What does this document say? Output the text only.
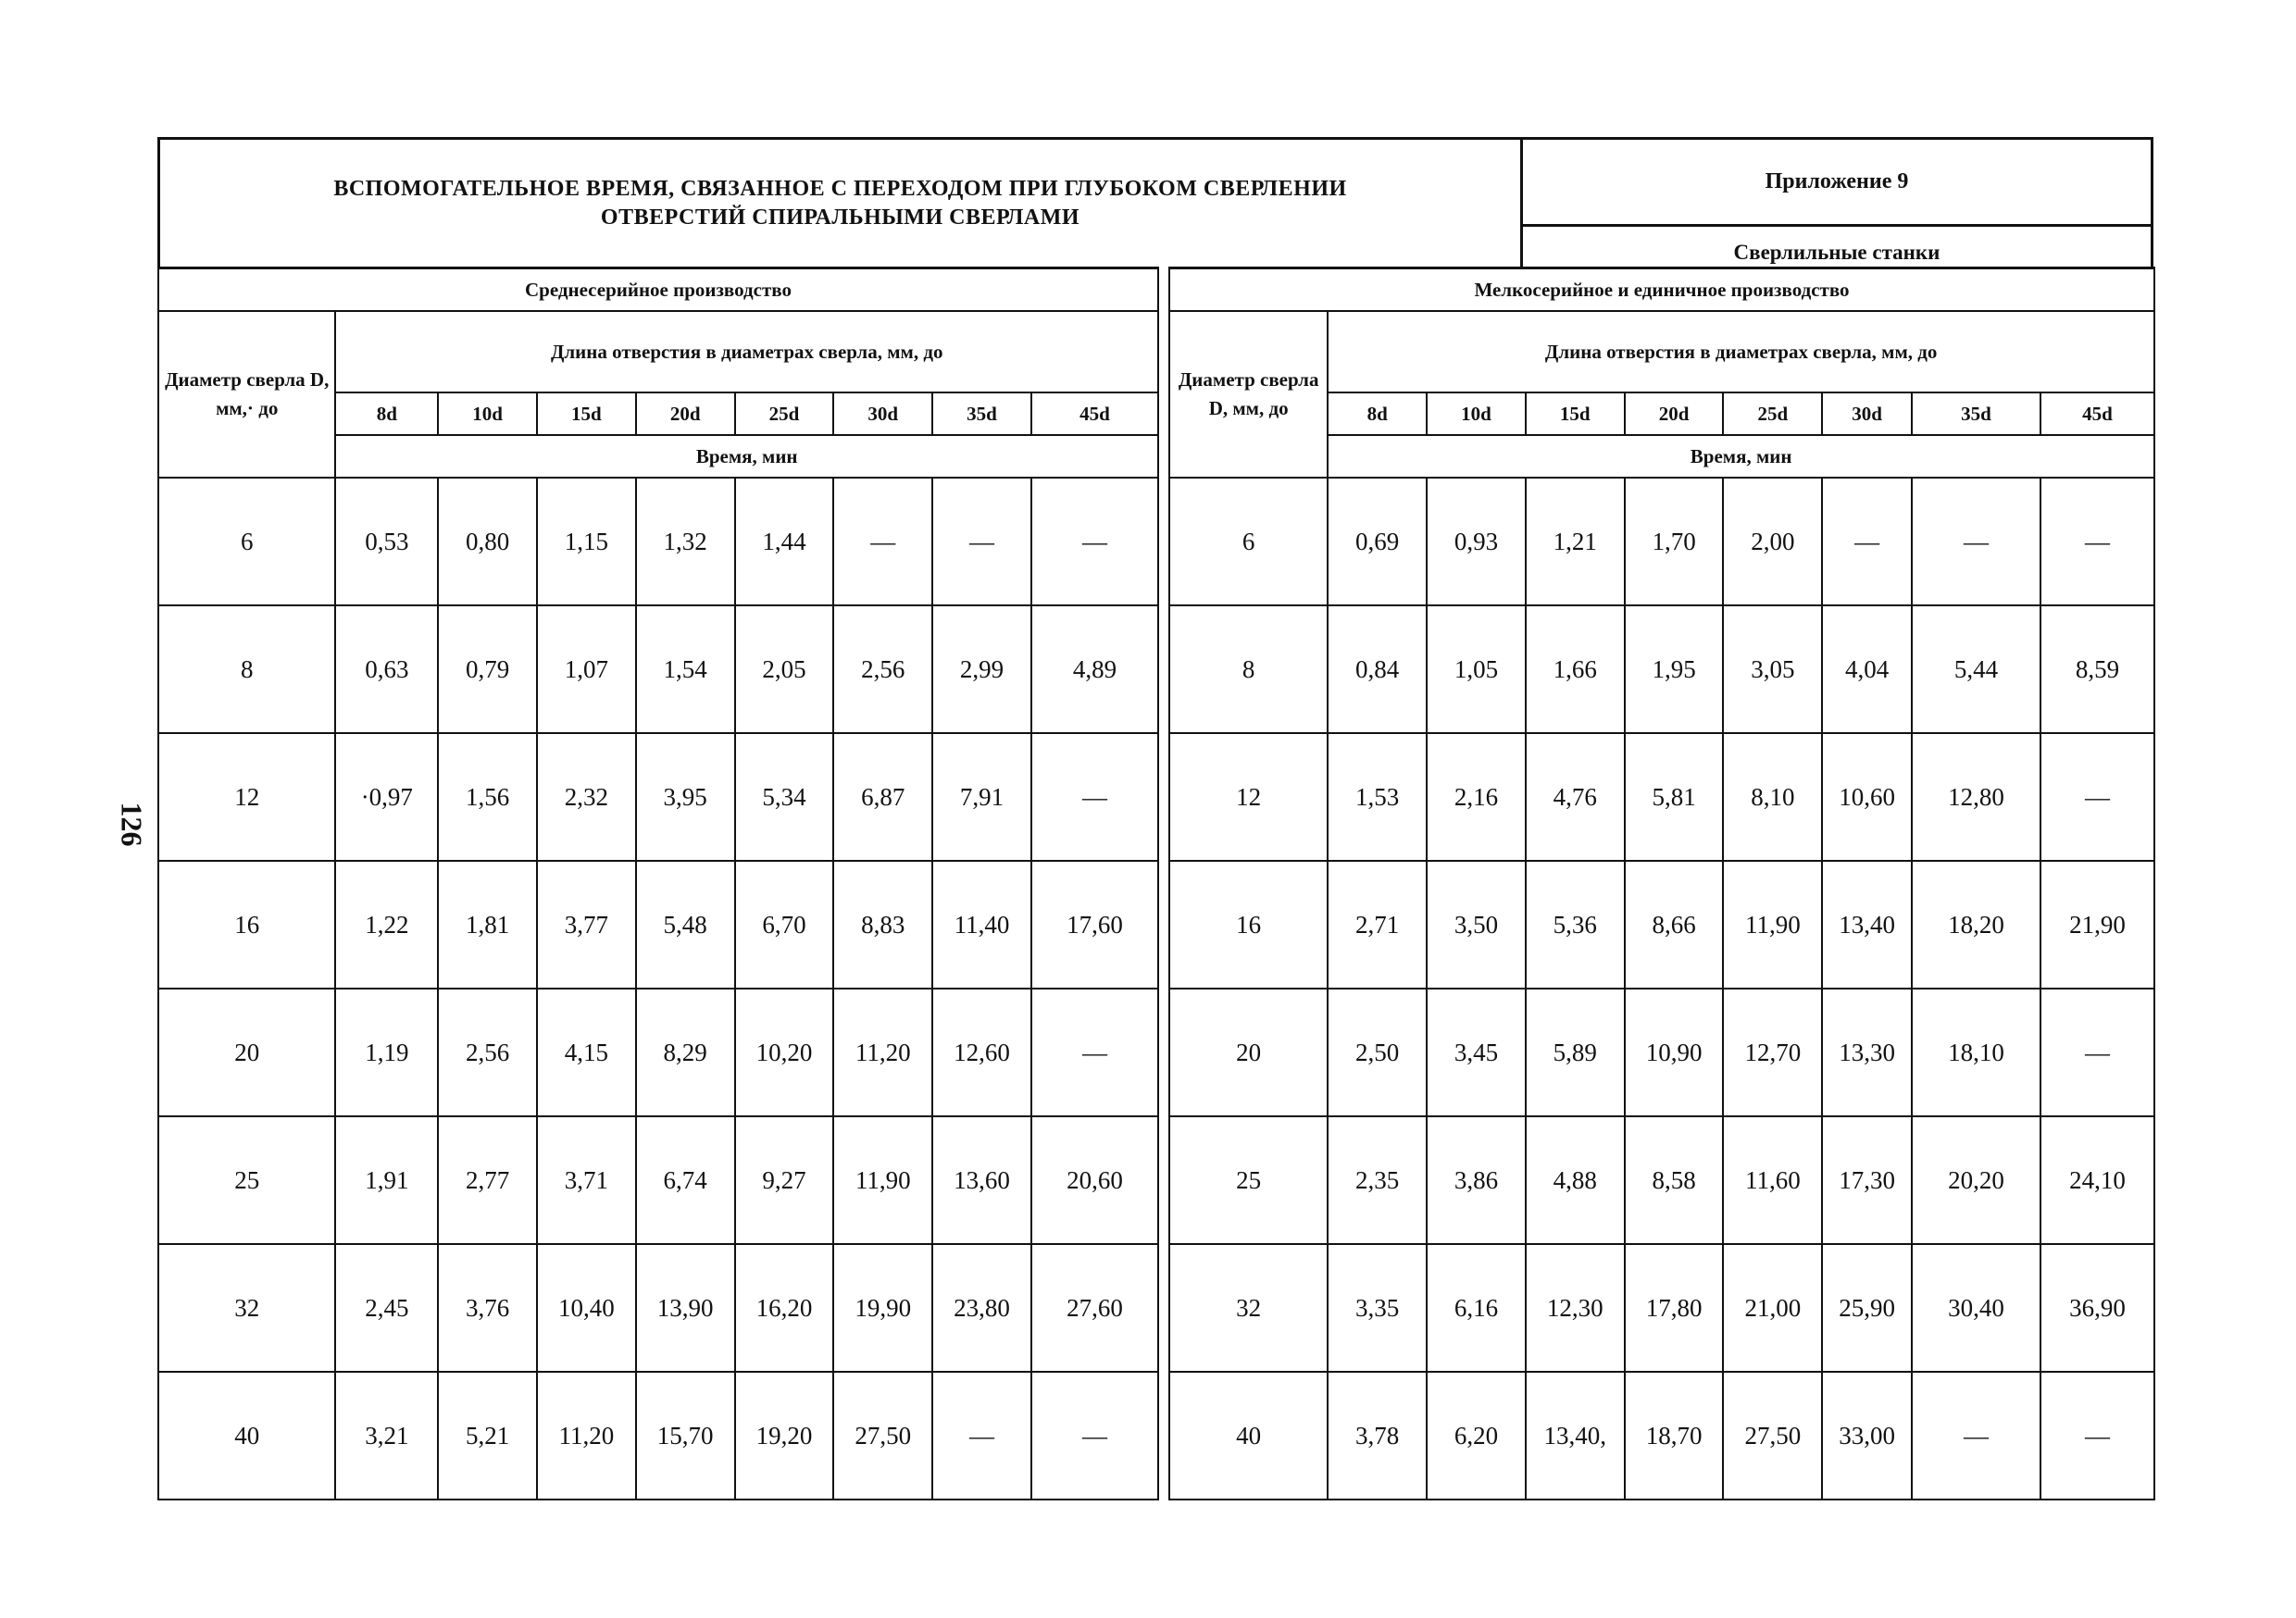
ВСПОМОГАТЕЛЬНОЕ ВРЕМЯ, СВЯЗАННОЕ С ПЕРЕХОДОМ ПРИ ГЛУБОКОМ СВЕРЛЕНИИ
ОТВЕРСТИЙ СПИРАЛЬНЫМИ СВЕРЛАМИ
Приложение 9
Сверлильные станки
126
Среднесерийное производство								
Диаметр сверла D, мм,· до	Длина отверстия в диаметрах сверла, мм, до							
	8d	10d	15d	20d	25d	30d	35d	45d
	Время, мин							
6	0,53	0,80	1,15	1,32	1,44	—	—	—
8	0,63	0,79	1,07	1,54	2,05	2,56	2,99	4,89
12	·0,97	1,56	2,32	3,95	5,34	6,87	7,91	—
16	1,22	1,81	3,77	5,48	6,70	8,83	11,40	17,60
20	1,19	2,56	4,15	8,29	10,20	11,20	12,60	—
25	1,91	2,77	3,71	6,74	9,27	11,90	13,60	20,60
32	2,45	3,76	10,40	13,90	16,20	19,90	23,80	27,60
40	3,21	5,21	11,20	15,70	19,20	27,50	—	—
Мелкосерийное и единичное производство								
Диаметр сверла D, мм, до	Длина отверстия в диаметрах сверла, мм, до							
	8d	10d	15d	20d	25d	30d	35d	45d
	Время, мин							
6	0,69	0,93	1,21	1,70	2,00	—	—	—
8	0,84	1,05	1,66	1,95	3,05	4,04	5,44	8,59
12	1,53	2,16	4,76	5,81	8,10	10,60	12,80	—
16	2,71	3,50	5,36	8,66	11,90	13,40	18,20	21,90
20	2,50	3,45	5,89	10,90	12,70	13,30	18,10	—
25	2,35	3,86	4,88	8,58	11,60	17,30	20,20	24,10
32	3,35	6,16	12,30	17,80	21,00	25,90	30,40	36,90
40	3,78	6,20	13,40,	18,70	27,50	33,00	—	—
